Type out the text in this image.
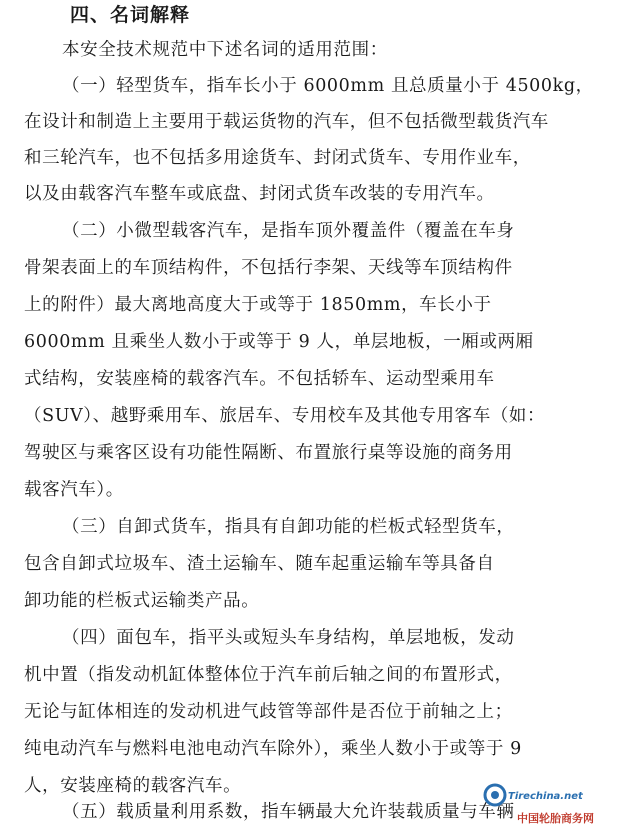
四、名词解释
本安全技术规范中下述名词的适用范围：
（一）轻型货车，指车长小于 6000mm 且总质量小于 4500kg，
在设计和制造上主要用于载运货物的汽车，但不包括微型载货汽车
和三轮汽车，也不包括多用途货车、封闭式货车、专用作业车，
以及由载客汽车整车或底盘、封闭式货车改装的专用汽车。
（二）小微型载客汽车，是指车顶外覆盖件（覆盖在车身
骨架表面上的车顶结构件，不包括行李架、天线等车顶结构件
上的附件）最大离地高度大于或等于 1850mm，车长小于
6000mm 且乘坐人数小于或等于 9 人，单层地板，一厢或两厢
式结构，安装座椅的载客汽车。不包括轿车、运动型乘用车
（SUV）、越野乘用车、旅居车、专用校车及其他专用客车（如：
驾驶区与乘客区设有功能性隔断、布置旅行桌等设施的商务用
载客汽车）。
（三）自卸式货车，指具有自卸功能的栏板式轻型货车，
包含自卸式垃圾车、渣土运输车、随车起重运输车等具备自
卸功能的栏板式运输类产品。
（四）面包车，指平头或短头车身结构，单层地板，发动
机中置（指发动机缸体整体位于汽车前后轴之间的布置形式，
无论与缸体相连的发动机进气歧管等部件是否位于前轴之上；
纯电动汽车与燃料电池电动汽车除外），乘坐人数小于或等于 9
人，安装座椅的载客汽车。
（五）载质量利用系数，指车辆最大允许装载质量与车辆
Tirechina.net
中国轮胎商务网
